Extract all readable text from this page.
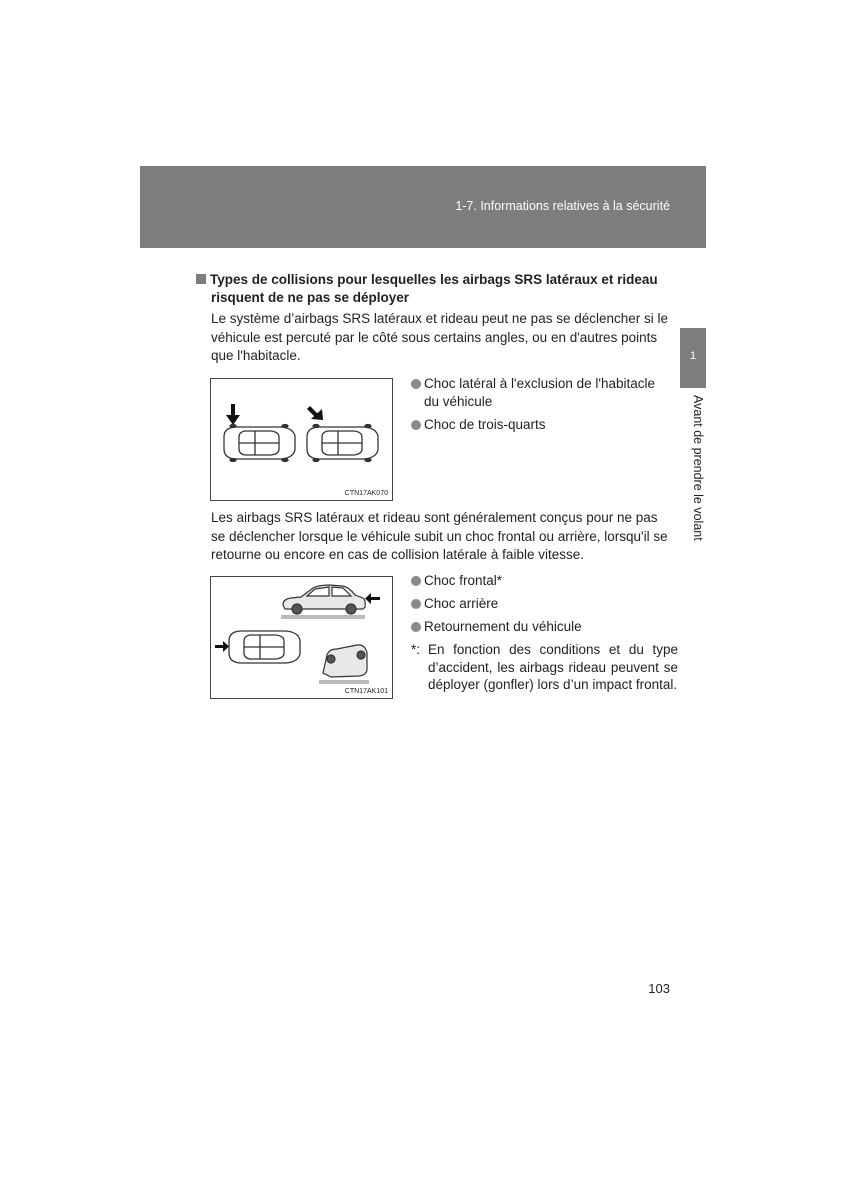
1-7. Informations relatives à la sécurité
1
Avant de prendre le volant
Types de collisions pour lesquelles les airbags SRS latéraux et rideau
risquent de ne pas se déployer
Le système d’airbags SRS latéraux et rideau peut ne pas se déclencher si le
véhicule est percuté par le côté sous certains angles, ou en d'autres points
que l'habitacle.
CTN17AK070
Choc latéral à l'exclusion de l'habitacle
du véhicule
Choc de trois-quarts
Les airbags SRS latéraux et rideau sont généralement conçus pour ne pas
se déclencher lorsque le véhicule subit un choc frontal ou arrière, lorsqu'il se
retourne ou encore en cas de collision latérale à faible vitesse.
CTN17AK101
Choc frontal*
Choc arrière
Retournement du véhicule
*: En fonction des conditions et du type d’accident, les airbags rideau peuvent se déployer (gonfler) lors d’un impact frontal.
103
